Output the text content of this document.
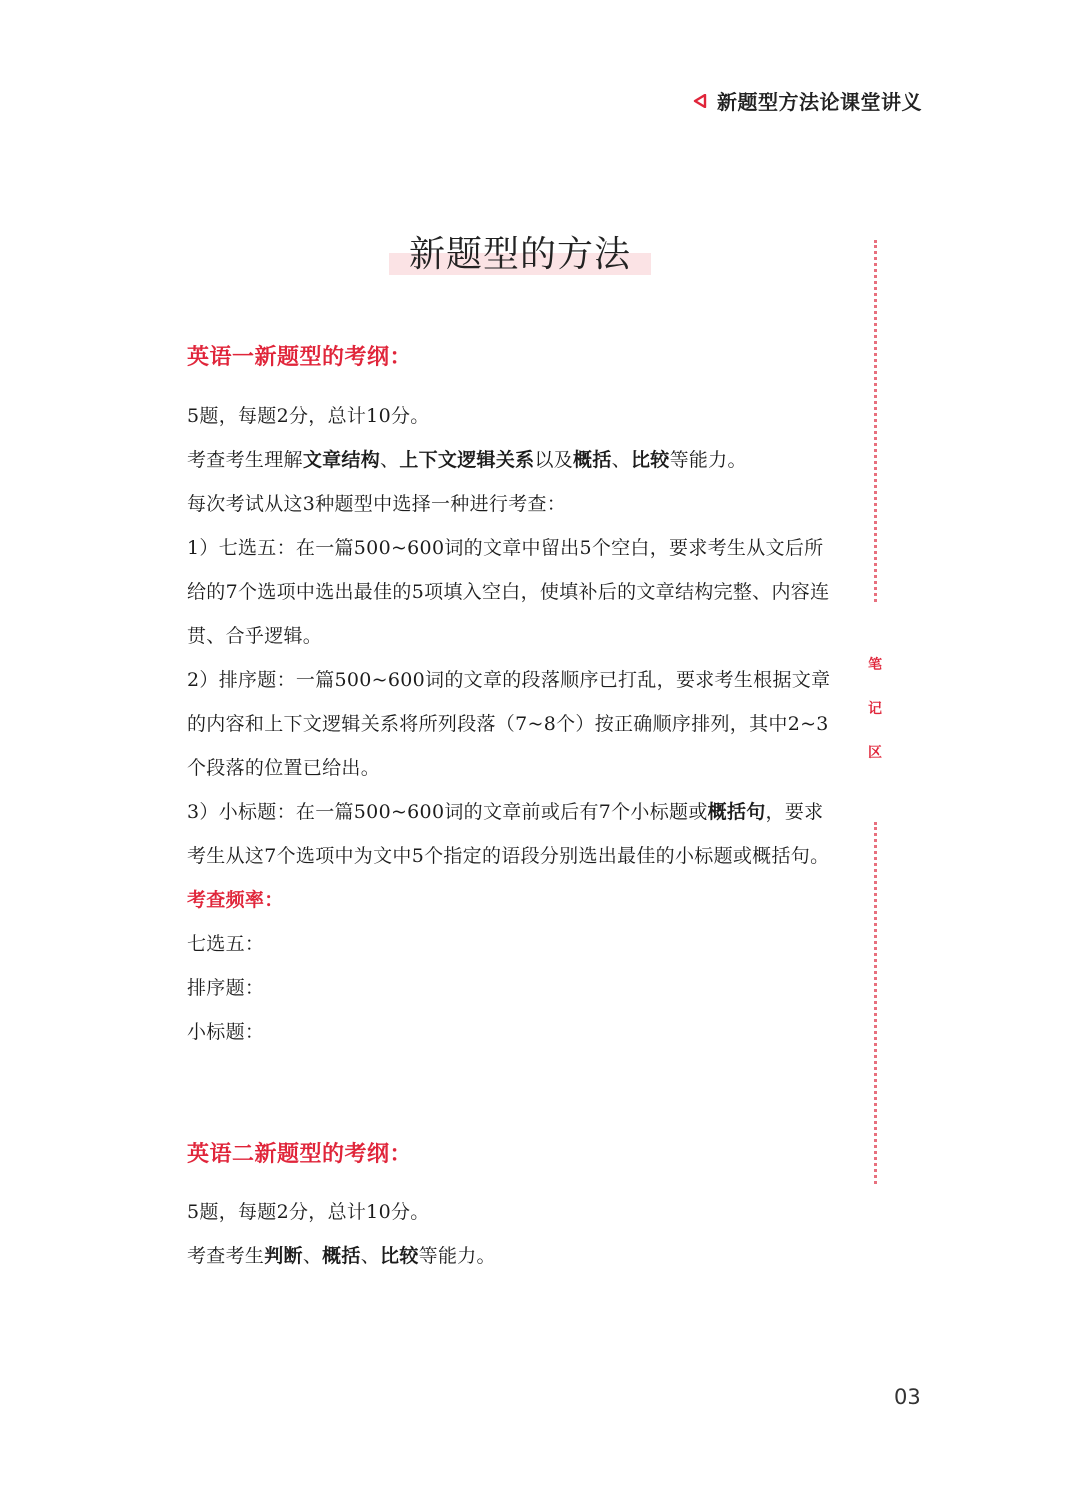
新题型方法论课堂讲义
新题型的方法
英语一新题型的考纲：
5题，每题2分，总计10分。
考查考生理解文章结构、上下文逻辑关系以及概括、比较等能力。
每次考试从这3种题型中选择一种进行考查：
1）七选五：在一篇500~600词的文章中留出5个空白，要求考生从文后所给的7个选项中选出最佳的5项填入空白，使填补后的文章结构完整、内容连贯、合乎逻辑。
2）排序题：一篇500~600词的文章的段落顺序已打乱，要求考生根据文章的内容和上下文逻辑关系将所列段落（7~8个）按正确顺序排列，其中2~3个段落的位置已给出。
3）小标题：在一篇500~600词的文章前或后有7个小标题或概括句，要求考生从这7个选项中为文中5个指定的语段分别选出最佳的小标题或概括句。
考查频率：
七选五：
排序题：
小标题：
英语二新题型的考纲：
5题，每题2分，总计10分。
考查考生判断、概括、比较等能力。
笔
记
区
03
